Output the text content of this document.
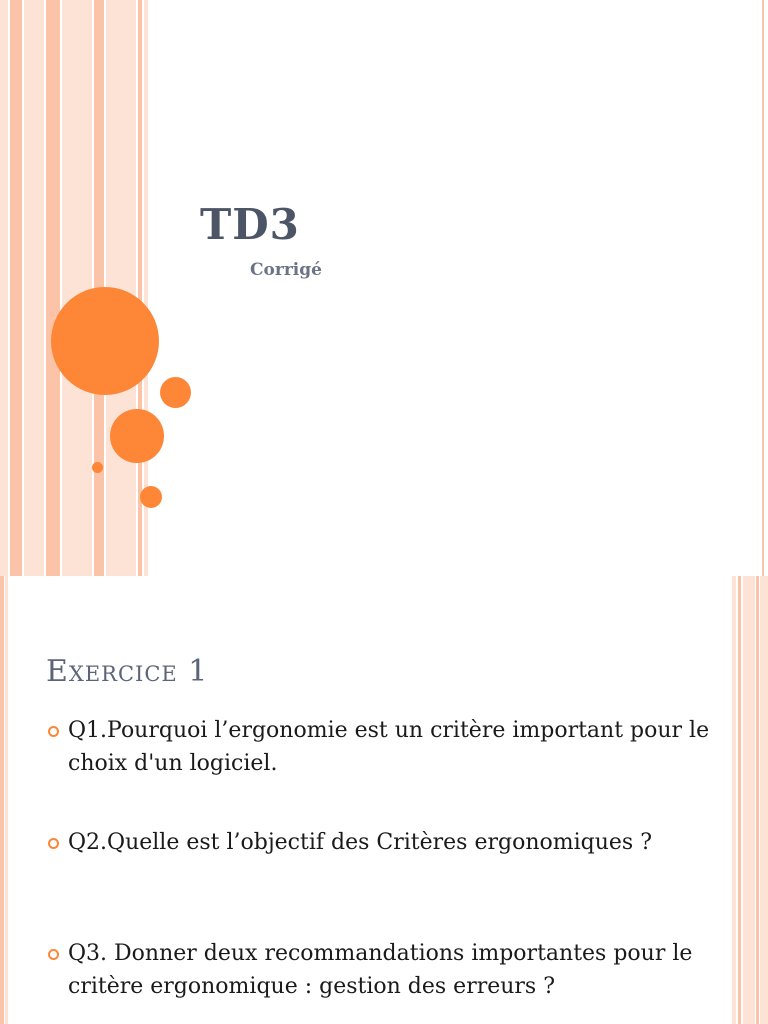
TD3
Corrigé
Exercice 1
Q1.Pourquoi l’ergonomie est un critère important pour le choix d'un logiciel.
Q2.Quelle est l’objectif des Critères ergonomiques ?
Q3. Donner deux recommandations importantes pour le critère ergonomique : gestion des erreurs ?
